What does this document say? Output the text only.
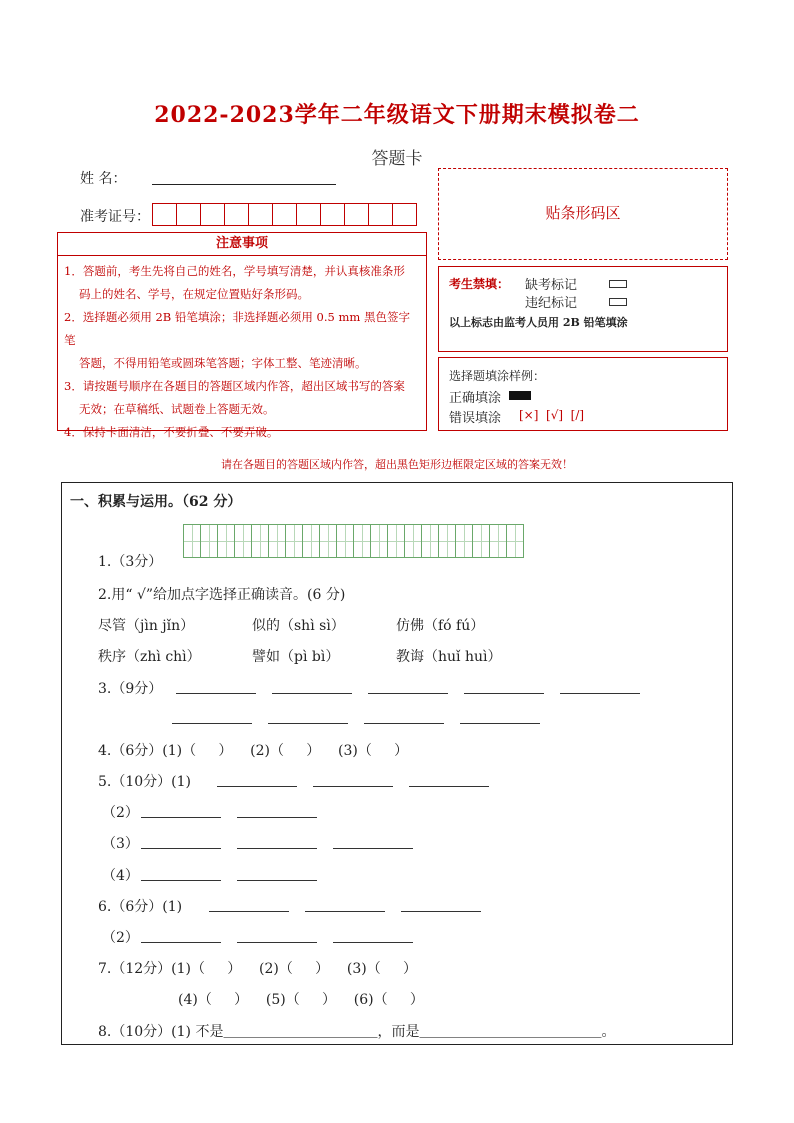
2022-2023学年二年级语文下册期末模拟卷二
答题卡
姓 名：
准考证号：	贴条形码区
注意事项
1．答题前，考生先将自己的姓名，学号填写清楚，并认真核准条形
码上的姓名、学号，在规定位置贴好条形码。
2．选择题必须用 2B 铅笔填涂；非选择题必须用 0.5 mm 黑色签字笔
答题，不得用铅笔或圆珠笔答题；字体工整、笔迹清晰。
3．请按题号顺序在各题目的答题区域内作答，超出区域书写的答案
无效；在草稿纸、试题卷上答题无效。
4．保持卡面清洁，不要折叠、不要弄破。
考生禁填： 缺考标记
违纪标记
以上标志由监考人员用 2B 铅笔填涂
选择题填涂样例：
正确填涂
错误填涂 [×]  [√]  [/]
请在各题目的答题区域内作答，超出黑色矩形边框限定区域的答案无效！
一、积累与运用。（62 分）
1.（3分）
2.用“ √”给加点字选择正确读音。(6 分)
尽管（jìn jǐn）	似的（shì sì）	仿佛（fó fú）
秩序（zhì chì）	譬如（pì bì）	教诲（huǐ huì）
3.（9分）
4.（6分）(1)（     ）    (2)（     ）    (3)（     ）
5.（10分）(1)
（2）
（3）
（4）
6.（6分）(1)
（2）
7.（12分）(1)（     ）    (2)（     ）    (3)（     ）
(4)（     ）    (5)（     ）    (6)（     ）
8.（10分）(1) 不是＿＿＿＿＿＿＿＿＿＿＿，而是＿＿＿＿＿＿＿＿＿＿＿＿＿。
